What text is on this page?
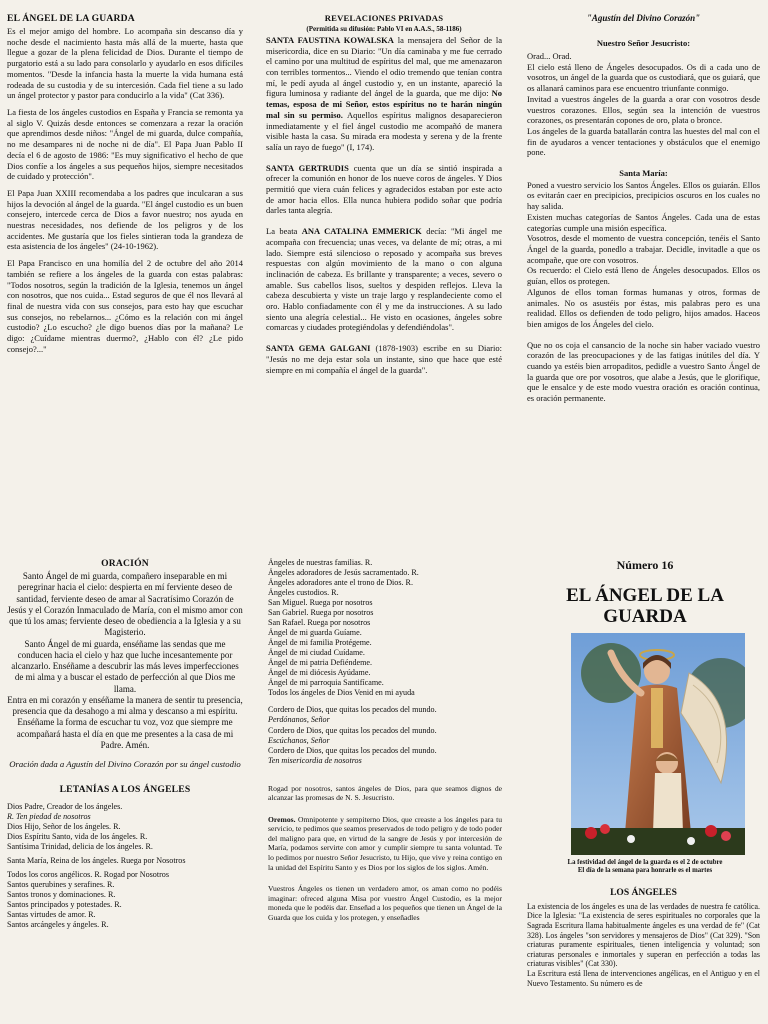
EL ÁNGEL DE LA GUARDA

Es el mejor amigo del hombre. Lo acompaña sin descanso día y noche desde el nacimiento hasta más allá de la muerte, hasta que llegue a gozar de la plena felicidad de Dios. Durante el tiempo de purgatorio está a su lado para consolarlo y ayudarlo en esos difíciles momentos. "Desde la infancia hasta la muerte la vida humana está rodeada de su custodia y de su intercesión. Cada fiel tiene a su lado un ángel protector y pastor para conducirlo a la vida" (Cat 336).

La fiesta de los ángeles custodios en España y Francia se remonta ya al siglo V. Quizás desde entonces se comenzara a rezar la oración que aprendimos desde niños: "Ángel de mi guarda, dulce compañía, no me desampares ni de noche ni de día". El Papa Juan Pablo II decía el 6 de agosto de 1986: "Es muy significativo el hecho de que Dios confíe a los ángeles a sus pequeños hijos, siempre necesitados de cuidado y protección".

El Papa Juan XXIII recomendaba a los padres que inculcaran a sus hijos la devoción al ángel de la guarda. "El ángel custodio es un buen consejero, intercede cerca de Dios a favor nuestro; nos ayuda en nuestras necesidades, nos defiende de los peligros y de los accidentes. Me gustaría que los fieles sintieran toda la grandeza de esta asistencia de los ángeles" (24-10-1962).

El Papa Francisco en una homilía del 2 de octubre del año 2014 también se refiere a los ángeles de la guarda con estas palabras: "Todos nosotros, según la tradición de la Iglesia, tenemos un ángel con nosotros, que nos cuida... Estad seguros de que él nos llevará al final de nuestra vida con sus consejos, para esto hay que escuchar sus consejos, no rebelarnos... ¿Cómo es la relación con mi ángel custodio? ¿Lo escucho? ¿le digo buenos días por la mañana? Le digo: ¿Cuídame mientras duermo?, ¿Hablo con él? ¿Le pido consejo?..."

REVELACIONES PRIVADAS
(Permitida su difusión: Pablo VI en A.A.S., 58-1186)

SANTA FAUSTINA KOWALSKA la mensajera del Señor de la misericordia, dice en su Diario: "Un día caminaba y me fue cerrado el camino por una multitud de espíritus del mal, que me amenazaron con terribles tormentos... Viendo el odio tremendo que tenían contra mí, le pedí ayuda al ángel custodio y, en un instante, apareció la figura luminosa y radiante del ángel de la guarda, que me dijo: No temas, esposa de mi Señor, estos espíritus no te harán ningún mal sin su permiso. Aquellos espíritus malignos desaparecieron inmediatamente y el fiel ángel custodio me acompañó de manera visible hasta la casa. Su mirada era modesta y serena y de la frente salía un rayo de fuego" (I, 174).

SANTA GERTRUDIS cuenta que un día se sintió inspirada a ofrecer la comunión en honor de los nueve coros de ángeles. Y Dios permitió que viera cuán felices y agradecidos estaban por este acto de amor hacia ellos. Ella nunca hubiera podido soñar que podría darles tanta alegría.

La beata ANA CATALINA EMMERICK decía: "Mi ángel me acompaña con frecuencia; unas veces, va delante de mí; otras, a mi lado. Siempre está silencioso o reposado y acompaña sus breves respuestas con algún movimiento de la mano o con alguna inclinación de cabeza. Es brillante y transparente; a veces, severo o amable. Sus cabellos lisos, sueltos y despiden reflejos. Lleva la cabeza descubierta y viste un traje largo y resplandeciente como el oro. Hablo confiadamente con él y me da instrucciones. A su lado siento una alegría celestial... He visto en ocasiones, ángeles sobre comarcas y ciudades protegiéndolas y defendiéndolas".

SANTA GEMA GALGANI (1878-1903) escribe en su Diario: "Jesús no me deja estar sola un instante, sino que hace que esté siempre en mi compañía el ángel de la guarda".

"Agustín del Divino Corazón"
Nuestro Señor Jesucristo:
Orad... Orad.
El cielo está lleno de Ángeles desocupados. Os di a cada uno de vosotros, un ángel de la guarda que os custodiará, que os guiará, que os allanará caminos para ese encuentro triunfante conmigo.
Invitad a vuestros ángeles de la guarda a orar con vosotros desde vuestros corazones. Ellos, según sea la intención de vuestros corazones, os presentarán copones de oro, plata o bronce.
Los ángeles de la guarda batallarán contra las huestes del mal con el fin de ayudaros a vencer tentaciones y obstáculos que el enemigo pone.
Santa María:
Poned a vuestro servicio los Santos Ángeles. Ellos os guiarán. Ellos os evitarán caer en precipicios, precipicios oscuros en los cuales no hay salida.
Existen muchas categorías de Santos Ángeles. Cada una de estas categorías cumple una misión específica.
Vosotros, desde el momento de vuestra concepción, tenéis el Santo Ángel de la guarda, ponedlo a trabajar. Decidle, invitadle a que os acompañe, que ore con vosotros.
Os recuerdo: el Cielo está lleno de Ángeles desocupados. Ellos os guían, ellos os protegen.
Algunos de ellos toman formas humanas y otros, formas de animales. No os asustéis por éstas, mis palabras pero es una realidad. Ellos os defienden de todo peligro, hijos amados. Haceos bien amigos de los Ángeles del cielo.
Que no os coja el cansancio de la noche sin haber vaciado vuestro corazón de las preocupaciones y de las fatigas inútiles del día. Y cuando ya estéis bien arropaditos, pedidle a vuestro Santo Ángel de la guarda que ore por vosotros, que alabe a Jesús, que le glorifique, que le ensalce y de este modo vuestra oración es oración continua, es oración permanente.
ORACIÓN
Santo Ángel de mi guarda, compañero inseparable en mi peregrinar hacia el cielo: despierta en mí ferviente deseo de santidad, ferviente deseo de amar al Sacratísimo Corazón de Jesús y el Corazón Inmaculado de María, con el mismo amor con que tú los amas; ferviente deseo de obediencia a la Iglesia y a su Magisterio.
Santo Ángel de mi guarda, enséñame las sendas que me conducen hacia el cielo y haz que luche incesantemente por alcanzarlo. Enséñame a descubrir las más leves imperfecciones de mi alma y a buscar el estado de perfección al que Dios me llama.
Entra en mi corazón y enséñame la manera de sentir tu presencia, presencia que da desahogo a mi alma y descanso a mi espíritu. Enséñame la forma de escuchar tu voz, voz que siempre me acompañará hasta el día en que me presentes a la casa de mi Padre. Amén.
Oración dada a Agustín del Divino Corazón por su ángel custodio
LETANÍAS A LOS ÁNGELES
Dios Padre, Creador de los ángeles.
R. Ten piedad de nosotros
Dios Hijo, Señor de los ángeles. R.
Dios Espíritu Santo, vida de los ángeles. R.
Santísima Trinidad, delicia de los ángeles. R.

Santa María, Reina de los ángeles. Ruega por Nosotros

Todos los coros angélicos. R. Rogad por Nosotros
Santos querubines y serafines. R.
Santos tronos y dominaciones. R.
Santos principados y potestades. R.
Santas virtudes de amor. R.
Santos arcángeles y ángeles. R.
Ángeles de nuestras familias. R.
Ángeles adoradores de Jesús sacramentado. R.
Ángeles adoradores ante el trono de Dios. R.
Ángeles custodios. R.
San Miguel. Ruega por nosotros
San Gabriel. Ruega por nosotros
San Rafael. Ruega por nosotros
Ángel de mi guarda Guíame.
Ángel de mi familia Protégeme.
Ángel de mi ciudad Cuídame.
Ángel de mi patria Defiéndeme.
Ángel de mi diócesis Ayúdame.
Ángel de mi parroquia Santifícame.
Todos los ángeles de Dios Venid en mi ayuda
Cordero de Dios, que quitas los pecados del mundo.
Perdónanos, Señor
Cordero de Dios, que quitas los pecados del mundo.
Escúchanos, Señor
Cordero de Dios, que quitas los pecados del mundo.
Ten misericordia de nosotros

Rogad por nosotros, santos ángeles de Dios, para que seamos dignos de alcanzar las promesas de N. S. Jesucristo.

Oremos. Omnipotente y sempiterno Dios, que creaste a los ángeles para tu servicio, te pedimos que seamos preservados de todo peligro y de todo poder del maligno para que, en virtud de la sangre de Jesús y por intercesión de María, podamos servirte con amor y cumplir siempre tu santa voluntad. Te lo pedimos por nuestro Señor Jesucristo, tu Hijo, que vive y reina contigo en la unidad del Espíritu Santo y es Dios por los siglos de los siglos. Amén.

Vuestros Ángeles os tienen un verdadero amor, os aman como no podéis imaginar: ofreced alguna Misa por vuestro Ángel Custodio, es la mejor moneda que le podéis dar. Enseñad a los pequeños que tienen un Ángel de la Guarda que los cuida y los protegen, y enseñadles

Número 16
EL ÁNGEL DE LA
GUARDA
La festividad del ángel de la guarda es el 2 de octubre
El día de la semana para honrarle es el martes
LOS ÁNGELES
La existencia de los ángeles es una de las verdades de nuestra fe católica. Dice la Iglesia: "La existencia de seres espirituales no corporales que la Sagrada Escritura llama habitualmente ángeles es una verdad de fe" (Cat 328). Los ángeles "son servidores y mensajeros de Dios" (Cat 329). "Son criaturas puramente espirituales, tienen inteligencia y voluntad; son criaturas personales e inmortales y superan en perfección a todas las criaturas visibles" (Cat 330).
La Escritura está llena de intervenciones angélicas, en el Antiguo y en el Nuevo Testamento. Su número es de
